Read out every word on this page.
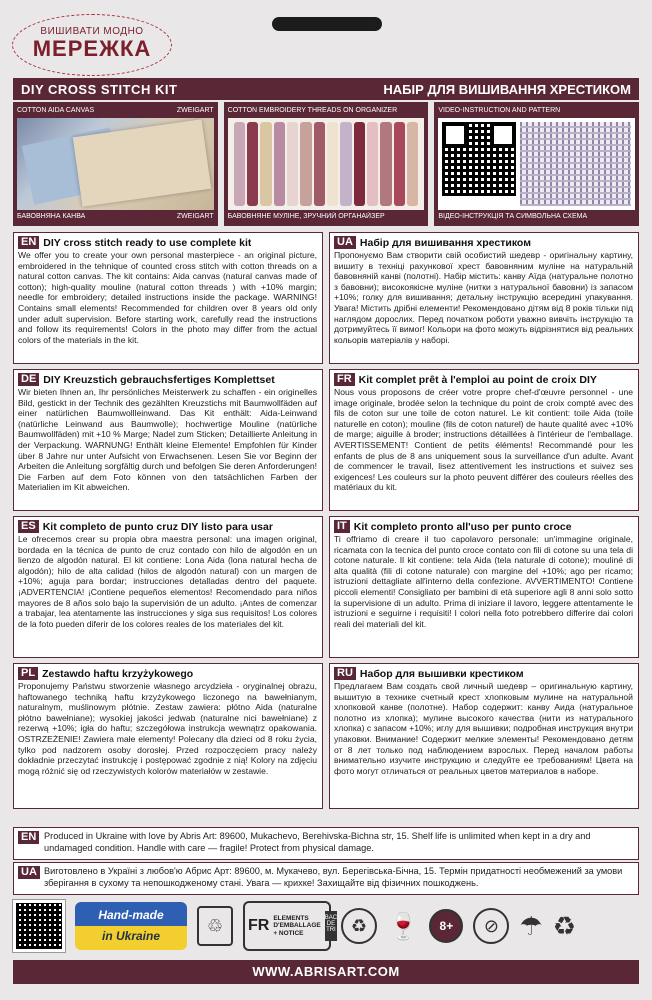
ВИШИВАТИ МОДНО
МЕРЕЖКА
DIY CROSS STITCH KIT	НАБІР ДЛЯ ВИШИВАННЯ ХРЕСТИКОМ
COTTON AIDA CANVAS	ZWEIGART
БАВОВНЯНА КАНВА	ZWEIGART
COTTON EMBROIDERY THREADS ON ORGANIZER
БАВОВНЯНЕ МУЛІНЕ, ЗРУЧНИЙ ОРГАНАЙЗЕР
VIDEO-INSTRUCTION AND PATTERN
ВІДЕО-ІНСТРУКЦІЯ ТА СИМВОЛЬНА СХЕМА
EN DIY cross stitch ready to use complete kit
We offer you to create your own personal masterpiece - an original picture, embroidered in the tehnique of counted cross stitch with cotton threads on a natural cotton canvas. The kit contains: Aida canvas (natural canvas made of cotton); high-quality mouline (natural cotton threads ) with +10% margin; needle for embroidery; detailed instructions inside the package. WARNING! Contains small elements! Recommended for children over 8 years old only under adult supervision. Before starting work, carefully read the instructions and follow its requirements! Colors in the photo may differ from the actual colors of the materials in the kit.
UA Набір для вишивання хрестиком
Пропонуємо Вам створити свій особистий шедевр - оригінальну картину, вишиту в техніці рахункової хрест бавовняним муліне на натуральній бавовняній канві (полотні). Набір містить: канву Аїда (натуральне полотно з бавовни); високоякісне муліне (нитки з натуральної бавовни) із запасом +10%; голку для вишивання; детальну інструкцію всередині упакування. Увага! Містить дрібні елементи! Рекомендовано дітям від 8 років тільки під наглядом дорослих. Перед початком роботи уважно вивчіть інструкцію та дотримуйтесь її вимог! Кольори на фото можуть відрізнятися від реальних кольорів матеріалів у наборі.
DE DIY Kreuzstich gebrauchsfertiges Komplettset
Wir bieten Ihnen an, Ihr persönliches Meisterwerk zu schaffen - ein originelles Bild, gestickt in der Technik des gezählten Kreuzstichs mit Baumwollfäden auf einer natürlichen Baumwollleinwand. Das Kit enthält: Aida-Leinwand (natürliche Leinwand aus Baumwolle); hochwertige Mouline (natürliche Baumwollfäden) mit +10 % Marge; Nadel zum Sticken; Detaillierte Anleitung in der Verpackung. WARNUNG! Enthält kleine Elemente! Empfohlen für Kinder über 8 Jahre nur unter Aufsicht von Erwachsenen. Lesen Sie vor Beginn der Arbeiten die Anleitung sorgfältig durch und befolgen Sie deren Anforderungen! Die Farben auf dem Foto können von den tatsächlichen Farben der Materialien im Kit abweichen.
FR Kit complet prêt à l'emploi au point de croix DIY
Nous vous proposons de créer votre propre chef-d'œuvre personnel - une image originale, brodée selon la technique du point de croix compté avec des fils de coton sur une toile de coton naturel. Le kit contient: toile Aida (toile naturelle en coton); mouline (fils de coton naturel) de haute qualité avec +10% de marge; aiguille à broder; instructions détaillées à l'intérieur de l'emballage. AVERTISSEMENT! Contient de petits éléments! Recommandé pour les enfants de plus de 8 ans uniquement sous la surveillance d'un adulte. Avant de commencer le travail, lisez attentivement les instructions et suivez ses exigences! Les couleurs sur la photo peuvent différer des couleurs réelles des matériaux du kit.
ES Kit completo de punto cruz DIY listo para usar
Le ofrecemos crear su propia obra maestra personal: una imagen original, bordada en la técnica de punto de cruz contado con hilo de algodón en un lienzo de algodón natural. El kit contiene: Lona Aida (lona natural hecha de algodón); hilo de alta calidad (hilos de algodón natural) con un margen de +10%; aguja para bordar; instrucciones detalladas dentro del paquete. ¡ADVERTENCIA! ¡Contiene pequeños elementos! Recomendado para niños mayores de 8 años solo bajo la supervisión de un adulto. ¡Antes de comenzar a trabajar, lea atentamente las instrucciones y siga sus requisitos! Los colores de la foto pueden diferir de los colores reales de los materiales del kit.
IT Kit completo pronto all'uso per punto croce
Ti offriamo di creare il tuo capolavoro personale: un'immagine originale, ricamata con la tecnica del punto croce contato con fili di cotone su una tela di cotone naturale. Il kit contiene: tela Aida (tela naturale di cotone); mouliné di alta qualità (fili di cotone naturale) con margine del +10%; ago per ricamo; istruzioni dettagliate all'interno della confezione. AVVERTIMENTO! Contiene piccoli elementi! Consigliato per bambini di età superiore agli 8 anni solo sotto la supervisione di un adulto. Prima di iniziare il lavoro, leggere attentamente le istruzioni e seguirne i requisiti! I colori nella foto potrebbero differire dai colori reali dei materiali del kit.
PL Zestawdo haftu krzyżykowego
Proponujemy Państwu stworzenie własnego arcydzieła - oryginalnej obrazu, haftowanego techniką haftu krzyżykowego liczonego na bawełnianym, naturalnym, muślinowym płótnie. Zestaw zawiera: płótno Aida (naturalne płótno bawełniane); wysokiej jakości jedwab (naturalne nici bawełniane) z rezerwą +10%; igła do haftu; szczegółowa instrukcja wewnątrz opakowania. OSTRZEŻENIE! Zawiera małe elementy! Polecany dla dzieci od 8 roku życia, tylko pod nadzorem osoby dorosłej. Przed rozpoczęciem pracy należy dokładnie przeczytać instrukcję i postępować zgodnie z nią! Kolory na zdjęciu mogą różnić się od rzeczywistych kolorów materiałów w zestawie.
RU Набор для вышивки крестиком
Предлагаем Вам создать свой личный шедевр – оригинальную картину, вышитую в технике счетный крест хлопковым мулине на натуральной хлопковой канве (полотне). Набор содержит: канву Аида (натуральное полотно из хлопка); мулине высокого качества (нити из натурального хлопка) с запасом +10%; иглу для вышивки; подробная инструкция внутри упаковки. Внимание! Содержит мелкие элементы! Рекомендовано детям от 8 лет только под наблюдением взрослых. Перед началом работы внимательно изучите инструкцию и следуйте ее требованиям! Цвета на фото могут отличаться от реальных цветов материалов в наборе.
EN Produced in Ukraine with love by Abris Art: 89600, Mukachevo, Berehivska-Bichna str, 15. Shelf life is unlimited when kept in a dry and undamaged condition. Handle with care — fragile! Protect from physical damage.
UA Виготовлено в Україні з любов'ю Абрис Арт: 89600, м. Мукачево, вул. Берегівська-Бічна, 15. Термін придатності необмежений за умови зберігання в сухому та непошкодженому стані. Увага — крихке! Захищайте від фізичних пошкоджень.
Hand-made
in Ukraine
♲	FR ELEMENTS D'EMBALLAGE + NOTICE
BAC DE TRI ♻ 🍷	8+	⊘ ☂ ♻
WWW.ABRISART.COM
